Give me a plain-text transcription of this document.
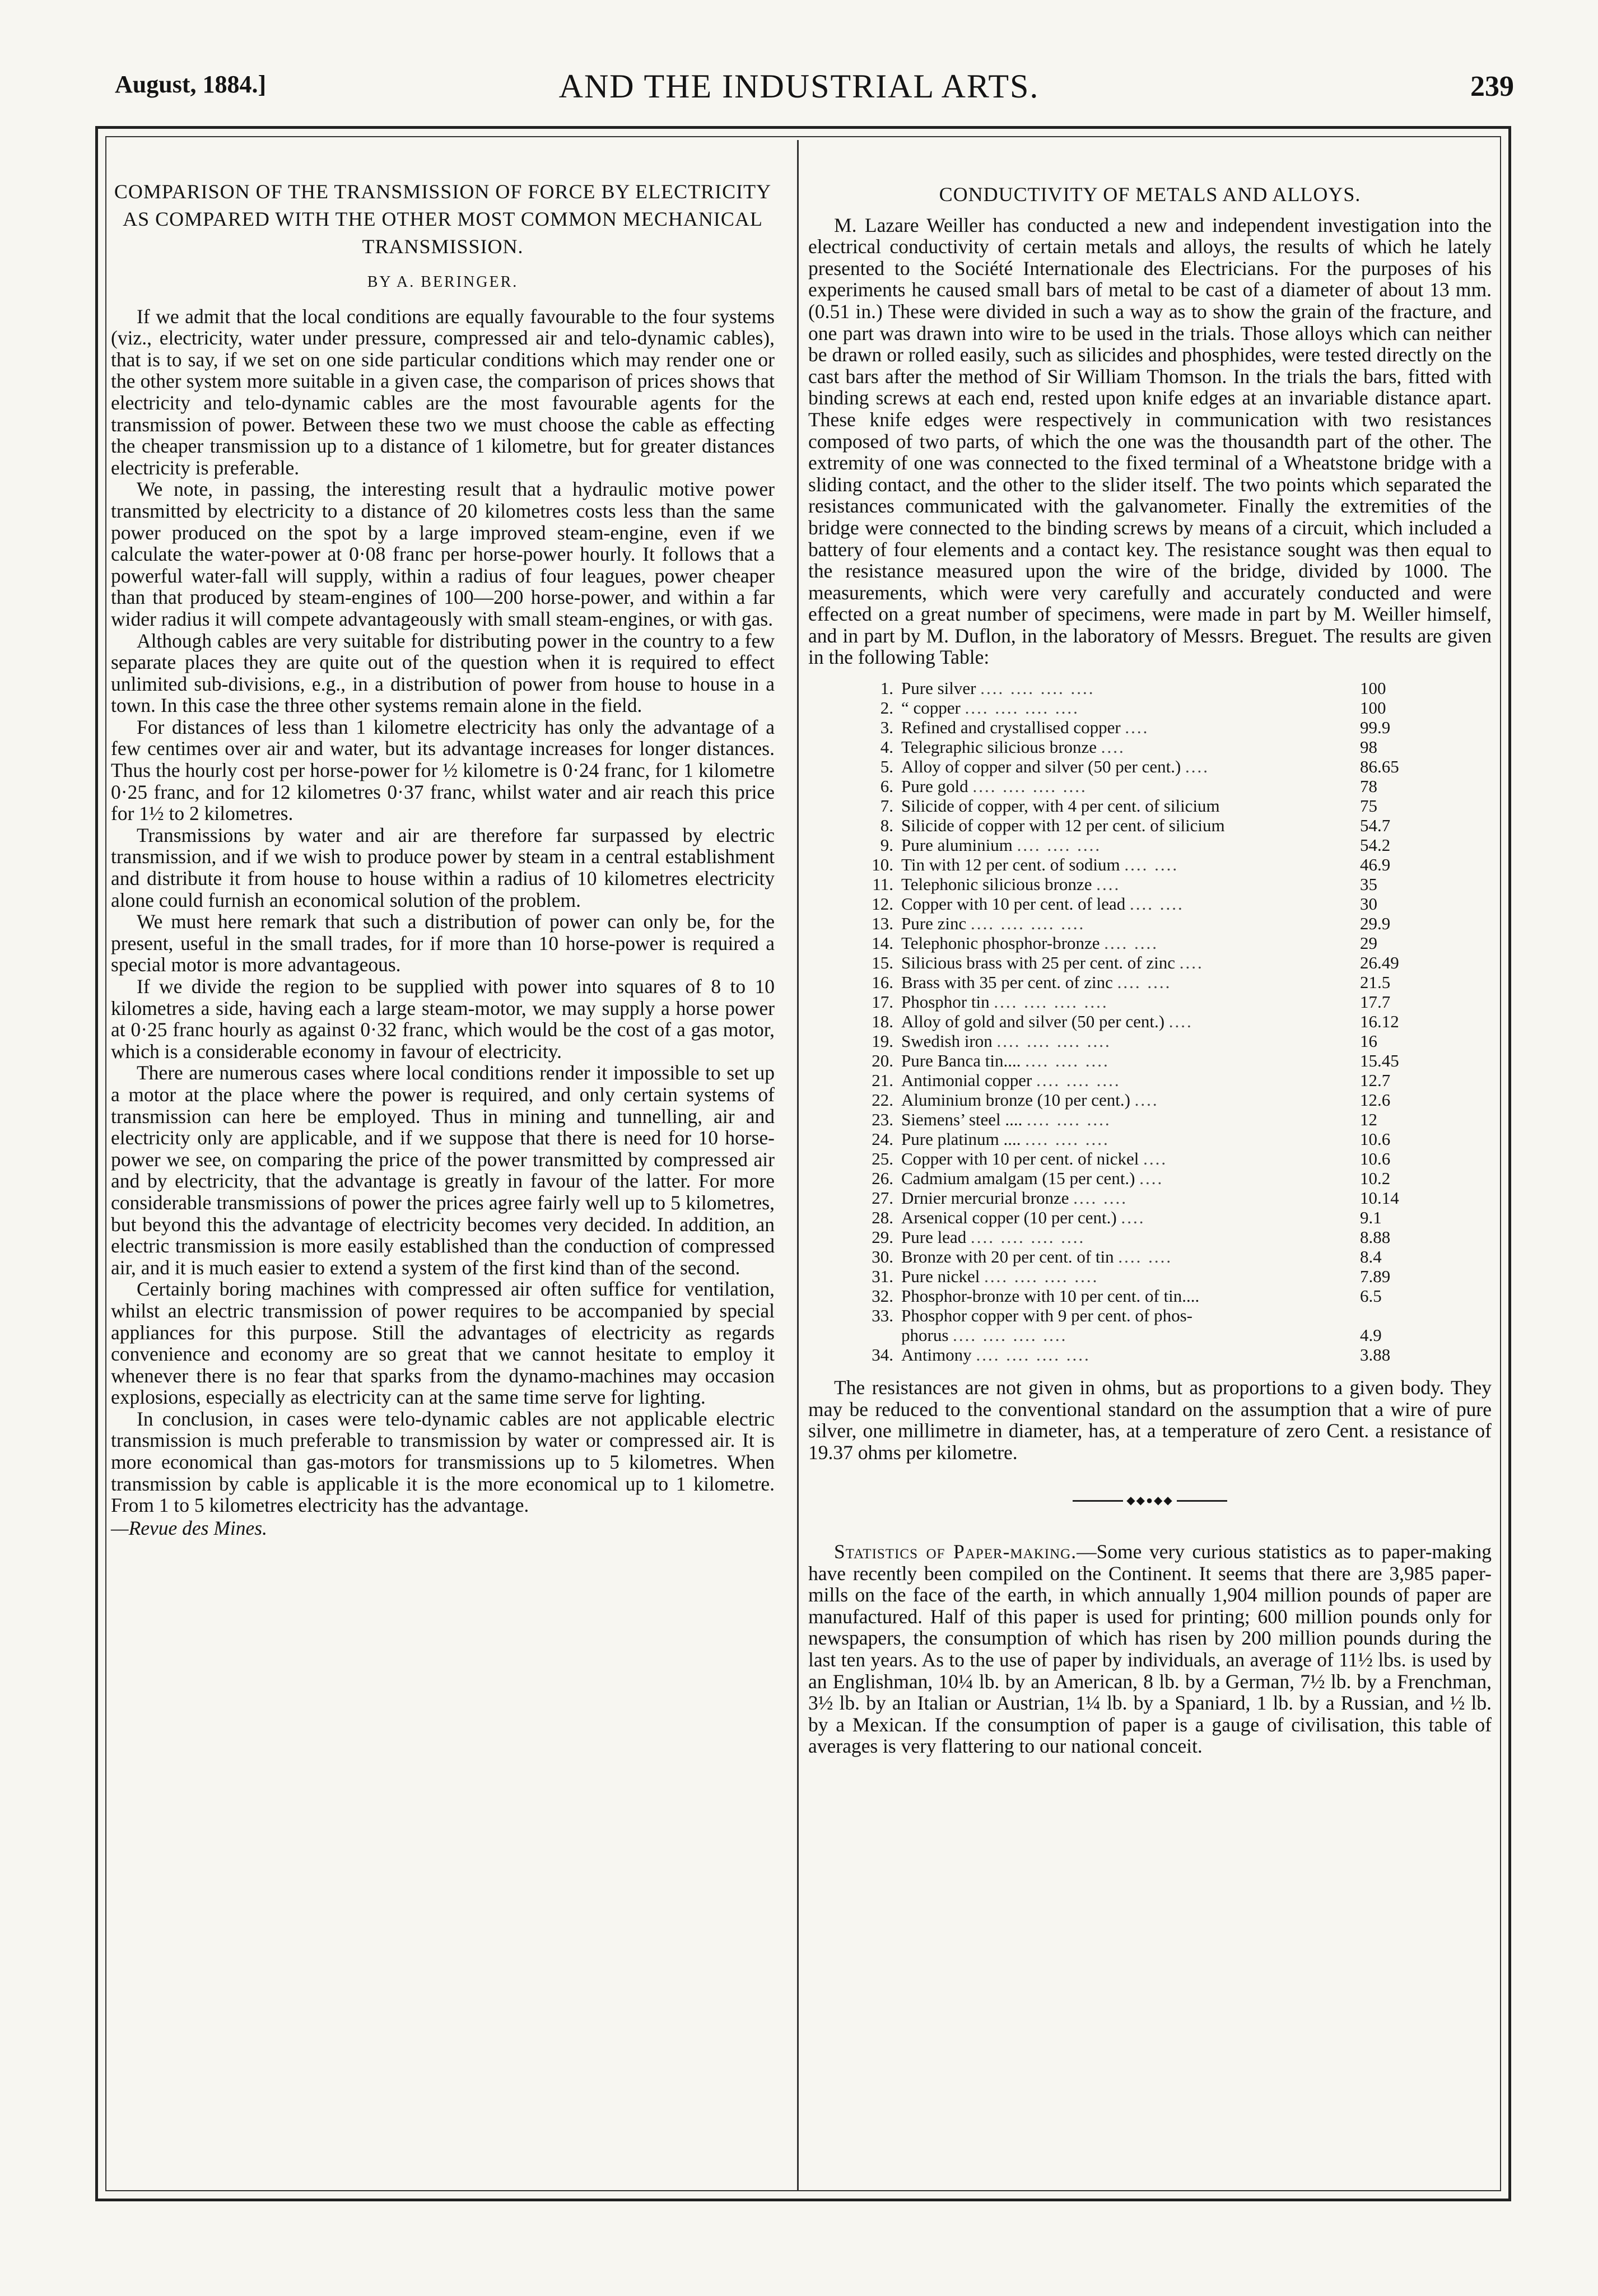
August, 1884.]	AND THE INDUSTRIAL ARTS.	239
COMPARISON OF THE TRANSMISSION OF FORCE BY ELECTRICITY AS COMPARED WITH THE OTHER MOST COMMON MECHANICAL TRANSMISSION.
BY A. BERINGER.

If we admit that the local conditions are equally favourable to the four systems (viz., electricity, water under pressure, compressed air and telo-dynamic cables), that is to say, if we set on one side particular conditions which may render one or the other system more suitable in a given case, the comparison of prices shows that electricity and telo-dynamic cables are the most favourable agents for the transmission of power. Between these two we must choose the cable as effecting the cheaper transmission up to a distance of 1 kilometre, but for greater distances electricity is preferable.

We note, in passing, the interesting result that a hydraulic motive power transmitted by electricity to a distance of 20 kilometres costs less than the same power produced on the spot by a large improved steam-engine, even if we calculate the water-power at 0·08 franc per horse-power hourly. It follows that a powerful water-fall will supply, within a radius of four leagues, power cheaper than that produced by steam-engines of 100—200 horse-power, and within a far wider radius it will compete advantageously with small steam-engines, or with gas.

Although cables are very suitable for distributing power in the country to a few separate places they are quite out of the question when it is required to effect unlimited sub-divisions, e.g., in a distribution of power from house to house in a town. In this case the three other systems remain alone in the field.

For distances of less than 1 kilometre electricity has only the advantage of a few centimes over air and water, but its advantage increases for longer distances. Thus the hourly cost per horse-power for ½ kilometre is 0·24 franc, for 1 kilometre 0·25 franc, and for 12 kilometres 0·37 franc, whilst water and air reach this price for 1½ to 2 kilometres.

Transmissions by water and air are therefore far surpassed by electric transmission, and if we wish to produce power by steam in a central establishment and distribute it from house to house within a radius of 10 kilometres electricity alone could furnish an economical solution of the problem.

We must here remark that such a distribution of power can only be, for the present, useful in the small trades, for if more than 10 horse-power is required a special motor is more advantageous.

If we divide the region to be supplied with power into squares of 8 to 10 kilometres a side, having each a large steam-motor, we may supply a horse power at 0·25 franc hourly as against 0·32 franc, which would be the cost of a gas motor, which is a considerable economy in favour of electricity.

There are numerous cases where local conditions render it impossible to set up a motor at the place where the power is required, and only certain systems of transmission can here be employed. Thus in mining and tunnelling, air and electricity only are applicable, and if we suppose that there is need for 10 horse-power we see, on comparing the price of the power transmitted by compressed air and by electricity, that the advantage is greatly in favour of the latter. For more considerable transmissions of power the prices agree fairly well up to 5 kilometres, but beyond this the advantage of electricity becomes very decided. In addition, an electric transmission is more easily established than the conduction of compressed air, and it is much easier to extend a system of the first kind than of the second.

Certainly boring machines with compressed air often suffice for ventilation, whilst an electric transmission of power requires to be accompanied by special appliances for this purpose. Still the advantages of electricity as regards convenience and economy are so great that we cannot hesitate to employ it whenever there is no fear that sparks from the dynamo-machines may occasion explosions, especially as electricity can at the same time serve for lighting.

In conclusion, in cases were telo-dynamic cables are not applicable electric transmission is much preferable to transmission by water or compressed air. It is more economical than gas-motors for transmissions up to 5 kilometres. When transmission by cable is applicable it is the more economical up to 1 kilometre. From 1 to 5 kilometres electricity has the advantage.

—Revue des Mines.
CONDUCTIVITY OF METALS AND ALLOYS.

M. Lazare Weiller has conducted a new and independent investigation into the electrical conductivity of certain metals and alloys, the results of which he lately presented to the Société Internationale des Electricians. For the purposes of his experiments he caused small bars of metal to be cast of a diameter of about 13 mm. (0.51 in.) These were divided in such a way as to show the grain of the fracture, and one part was drawn into wire to be used in the trials. Those alloys which can neither be drawn or rolled easily, such as silicides and phosphides, were tested directly on the cast bars after the method of Sir William Thomson. In the trials the bars, fitted with binding screws at each end, rested upon knife edges at an invariable distance apart. These knife edges were respectively in communication with two resistances composed of two parts, of which the one was the thousandth part of the other. The extremity of one was connected to the fixed terminal of a Wheatstone bridge with a sliding contact, and the other to the slider itself. The two points which separated the resistances communicated with the galvanometer. Finally the extremities of the bridge were connected to the binding screws by means of a circuit, which included a battery of four elements and a contact key. The resistance sought was then equal to the resistance measured upon the wire of the bridge, divided by 1000. The measurements, which were very carefully and accurately conducted and were effected on a great number of specimens, were made in part by M. Weiller himself, and in part by M. Duflon, in the laboratory of Messrs. Breguet. The results are given in the following Table:

1. Pure silver .... .... .... ....	100
2. “ copper .... .... .... ....	100
3. Refined and crystallised copper ....	99.9
4. Telegraphic silicious bronze ....	98
5. Alloy of copper and silver (50 per cent.) ....	86.65
6. Pure gold .... .... .... ....	78
7. Silicide of copper, with 4 per cent. of silicium	75
8. Silicide of copper with 12 per cent. of silicium	54.7
9. Pure aluminium .... .... ....	54.2
10. Tin with 12 per cent. of sodium .... ....	46.9
11. Telephonic silicious bronze ....	35
12. Copper with 10 per cent. of lead .... ....	30
13. Pure zinc .... .... .... ....	29.9
14. Telephonic phosphor-bronze .... ....	29
15. Silicious brass with 25 per cent. of zinc ....	26.49
16. Brass with 35 per cent. of zinc .... ....	21.5
17. Phosphor tin .... .... .... ....	17.7
18. Alloy of gold and silver (50 per cent.) ....	16.12
19. Swedish iron .... .... .... ....	16
20. Pure Banca tin.... .... .... ....	15.45
21. Antimonial copper .... .... ....	12.7
22. Aluminium bronze (10 per cent.) ....	12.6
23. Siemens’ steel .... .... .... ....	12
24. Pure platinum .... .... .... ....	10.6
25. Copper with 10 per cent. of nickel ....	10.6
26. Cadmium amalgam (15 per cent.) ....	10.2
27. Drnier mercurial bronze .... ....	10.14
28. Arsenical copper (10 per cent.) ....	9.1
29. Pure lead .... .... .... ....	8.88
30. Bronze with 20 per cent. of tin .... ....	8.4
31. Pure nickel .... .... .... ....	7.89
32. Phosphor-bronze with 10 per cent. of tin....	6.5
33. Phosphor copper with 9 per cent. of phos-
phorus .... .... .... ....	4.9
34. Antimony .... .... .... ....	3.88

The resistances are not given in ohms, but as proportions to a given body. They may be reduced to the conventional standard on the assumption that a wire of pure silver, one millimetre in diameter, has, at a temperature of zero Cent. a resistance of 19.37 ohms per kilometre.

◆◆●◆◆

Statistics of Paper-making.—Some very curious statistics as to paper-making have recently been compiled on the Continent. It seems that there are 3,985 paper-mills on the face of the earth, in which annually 1,904 million pounds of paper are manufactured. Half of this paper is used for printing; 600 million pounds only for newspapers, the consumption of which has risen by 200 million pounds during the last ten years. As to the use of paper by individuals, an average of 11½ lbs. is used by an Englishman, 10¼ lb. by an American, 8 lb. by a German, 7½ lb. by a Frenchman, 3½ lb. by an Italian or Austrian, 1¼ lb. by a Spaniard, 1 lb. by a Russian, and ½ lb. by a Mexican. If the consumption of paper is a gauge of civilisation, this table of averages is very flattering to our national conceit.
